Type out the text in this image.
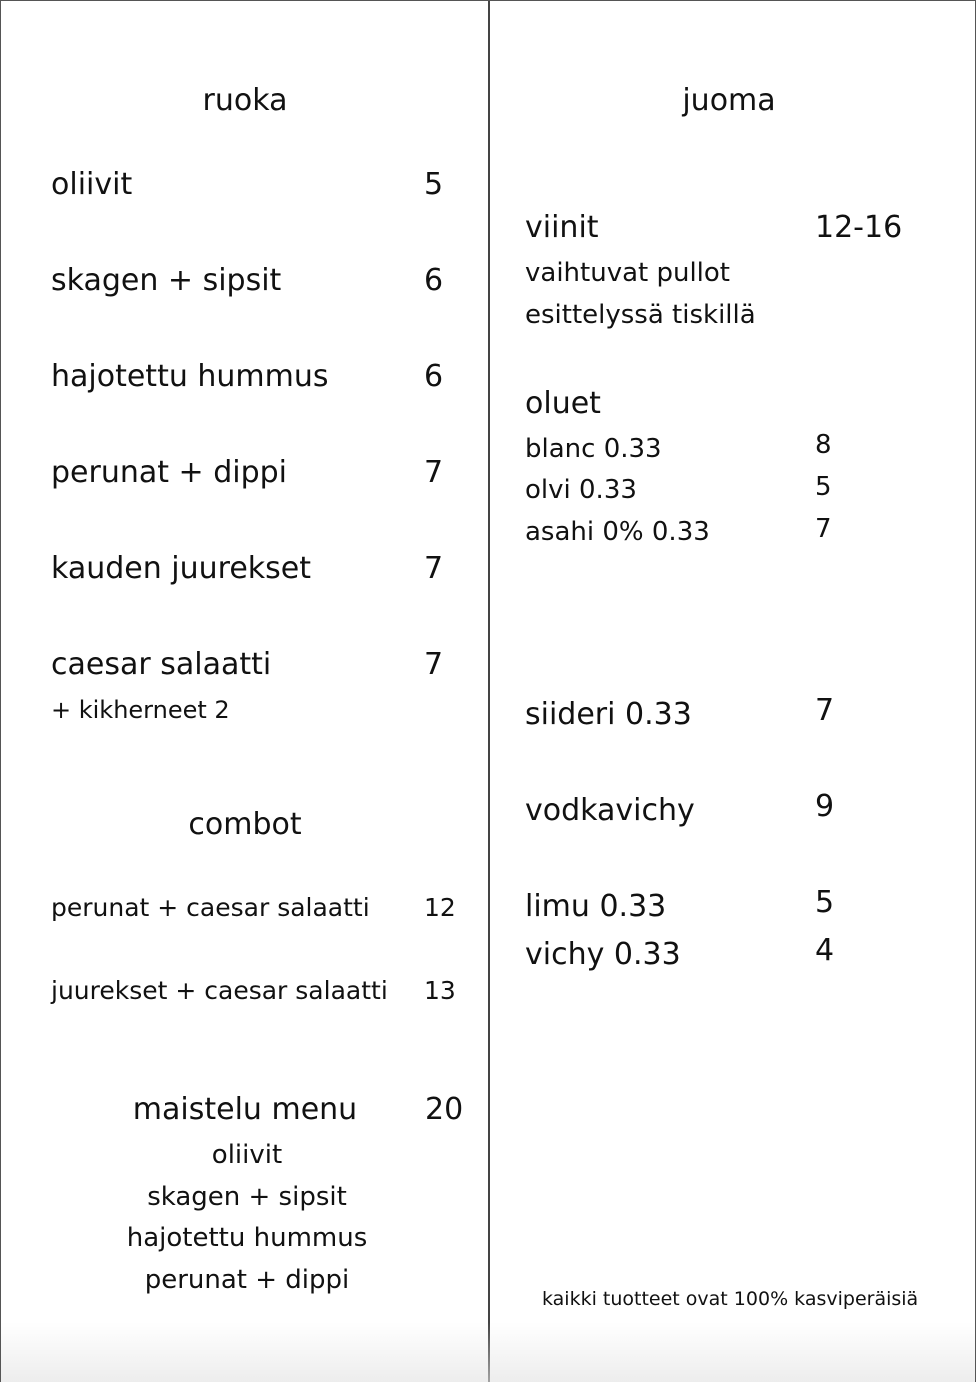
ruoka
oliivit	5
skagen + sipsit	6
hajotettu hummus	6
perunat + dippi	7
kauden juurekset	7
caesar salaatti	7
+ kikherneet 2
combot
perunat + caesar salaatti 12
juurekset + caesar salaatti 13
maistelu menu	20
oliivit
skagen + sipsit
hajotettu hummus
perunat + dippi
juoma
viinit	12-16
vaihtuvat pullot
esittelyssä tiskillä
oluet
blanc 0.33	8
olvi 0.33	5
asahi 0% 0.33	7
siideri 0.33	7
vodkavichy	9
limu 0.33	5
vichy 0.33	4
kaikki tuotteet ovat 100% kasviperäisiä
